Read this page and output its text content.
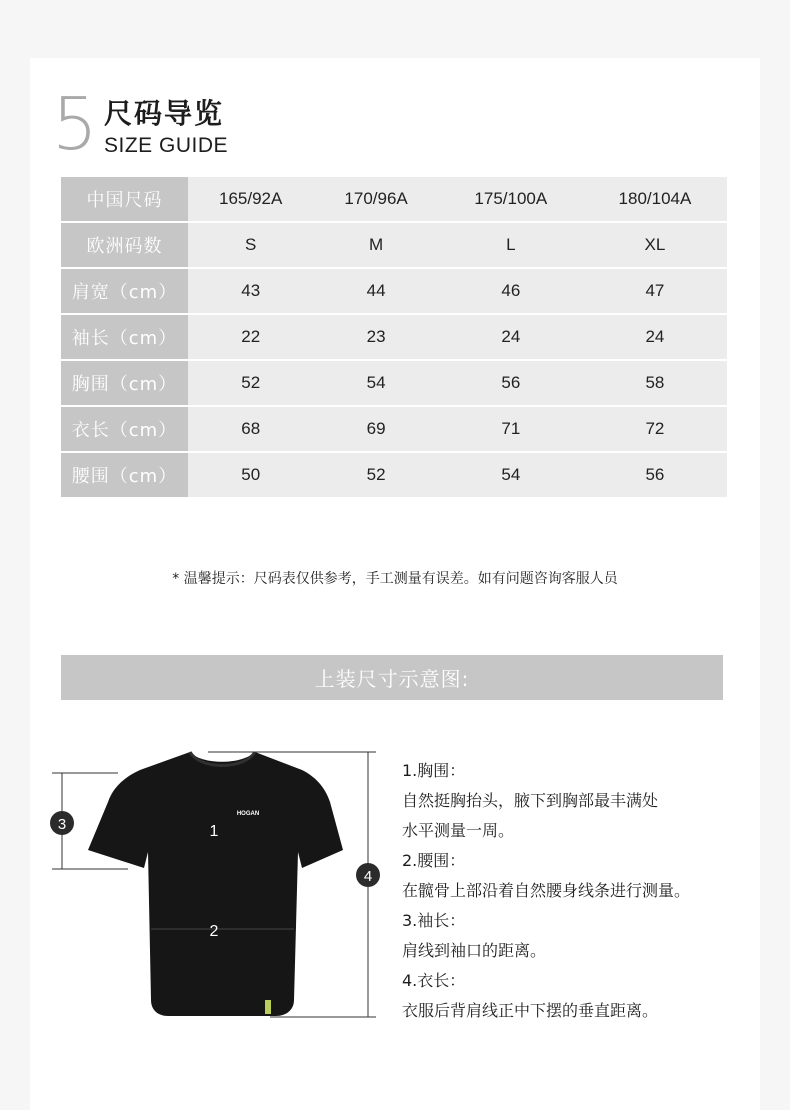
5 尺码导览
SIZE GUIDE
中国尺码	165/92A	170/96A	175/100A	180/104A
欧洲码数	S	M	L	XL
肩宽（cm）	43	44	46	47
袖长（cm）	22	23	24	24
胸围（cm）	52	54	56	58
衣长（cm）	68	69	71	72
腰围（cm）	50	52	54	56
* 温馨提示：尺码表仅供参考，手工测量有误差。如有问题咨询客服人员
上装尺寸示意图:
HOGAN
1
2
3
4
1.胸围：
自然挺胸抬头，腋下到胸部最丰满处
水平测量一周。
2.腰围：
在髋骨上部沿着自然腰身线条进行测量。
3.袖长：
肩线到袖口的距离。
4.衣长：
衣服后背肩线正中下摆的垂直距离。
